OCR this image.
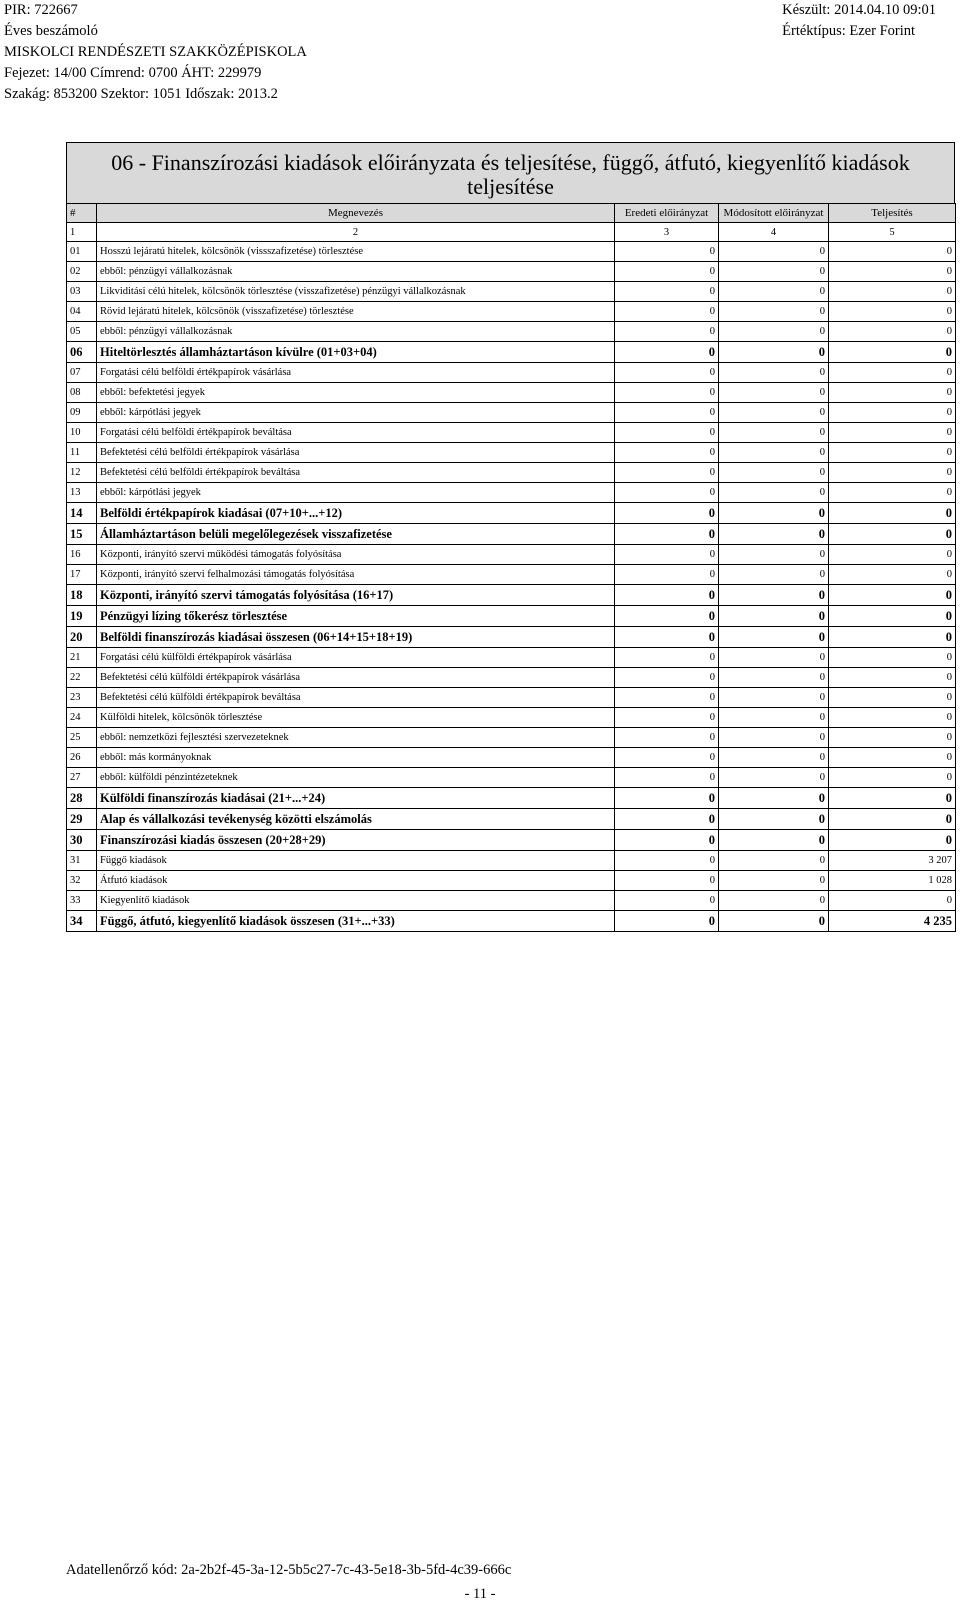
PIR: 722667
Éves beszámoló
MISKOLCI RENDÉSZETI SZAKKÖZÉPISKOLA
Fejezet: 14/00 Címrend: 0700 ÁHT: 229979
Szakág: 853200 Szektor: 1051 Időszak: 2013.2
Készült: 2014.04.10 09:01
Értéktípus: Ezer Forint
06 - Finanszírozási kiadások előirányzata és teljesítése, függő, átfutó, kiegyenlítő kiadások teljesítése
#	Megnevezés	Eredeti előirányzat	Módosított előirányzat	Teljesítés
1	2	3	4	5
01	Hosszú lejáratú hitelek, kölcsönök (vissszafizetése) törlesztése	0	0	0
02	ebből: pénzügyi vállalkozásnak	0	0	0
03	Likviditási célú hitelek, kölcsönök törlesztése (visszafizetése) pénzügyi vállalkozásnak	0	0	0
04	Rövid lejáratú hitelek, kölcsönök (visszafizetése) törlesztése	0	0	0
05	ebből: pénzügyi vállalkozásnak	0	0	0
06	Hiteltörlesztés államháztartáson kívülre (01+03+04)	0	0	0
07	Forgatási célú belföldi értékpapírok vásárlása	0	0	0
08	ebből: befektetési jegyek	0	0	0
09	ebből: kárpótlási jegyek	0	0	0
10	Forgatási célú belföldi értékpapírok beváltása	0	0	0
11	Befektetési célú belföldi értékpapírok vásárlása	0	0	0
12	Befektetési célú belföldi értékpapírok beváltása	0	0	0
13	ebből: kárpótlási jegyek	0	0	0
14	Belföldi értékpapírok kiadásai (07+10+...+12)	0	0	0
15	Államháztartáson belüli megelőlegezések visszafizetése	0	0	0
16	Központi, irányító szervi működési támogatás folyósítása	0	0	0
17	Központi, irányító szervi felhalmozási támogatás folyósítása	0	0	0
18	Központi, irányító szervi támogatás folyósítása (16+17)	0	0	0
19	Pénzügyi lízing tőkerész törlesztése	0	0	0
20	Belföldi finanszírozás kiadásai összesen (06+14+15+18+19)	0	0	0
21	Forgatási célú külföldi értékpapírok vásárlása	0	0	0
22	Befektetési célú külföldi értékpapírok vásárlása	0	0	0
23	Befektetési célú külföldi értékpapírok beváltása	0	0	0
24	Külföldi hitelek, kölcsönök törlesztése	0	0	0
25	ebből: nemzetközi fejlesztési szervezeteknek	0	0	0
26	ebből: más kormányoknak	0	0	0
27	ebből: külföldi pénzintézeteknek	0	0	0
28	Külföldi finanszírozás kiadásai (21+...+24)	0	0	0
29	Alap és vállalkozási tevékenység közötti elszámolás	0	0	0
30	Finanszírozási kiadás összesen (20+28+29)	0	0	0
31	Függő kiadások	0	0	3 207
32	Átfutó kiadások	0	0	1 028
33	Kiegyenlítő kiadások	0	0	0
34	Függő, átfutó, kiegyenlítő kiadások összesen (31+...+33)	0	0	4 235
Adatellenőrző kód: 2a-2b2f-45-3a-12-5b5c27-7c-43-5e18-3b-5fd-4c39-666c
- 11 -
